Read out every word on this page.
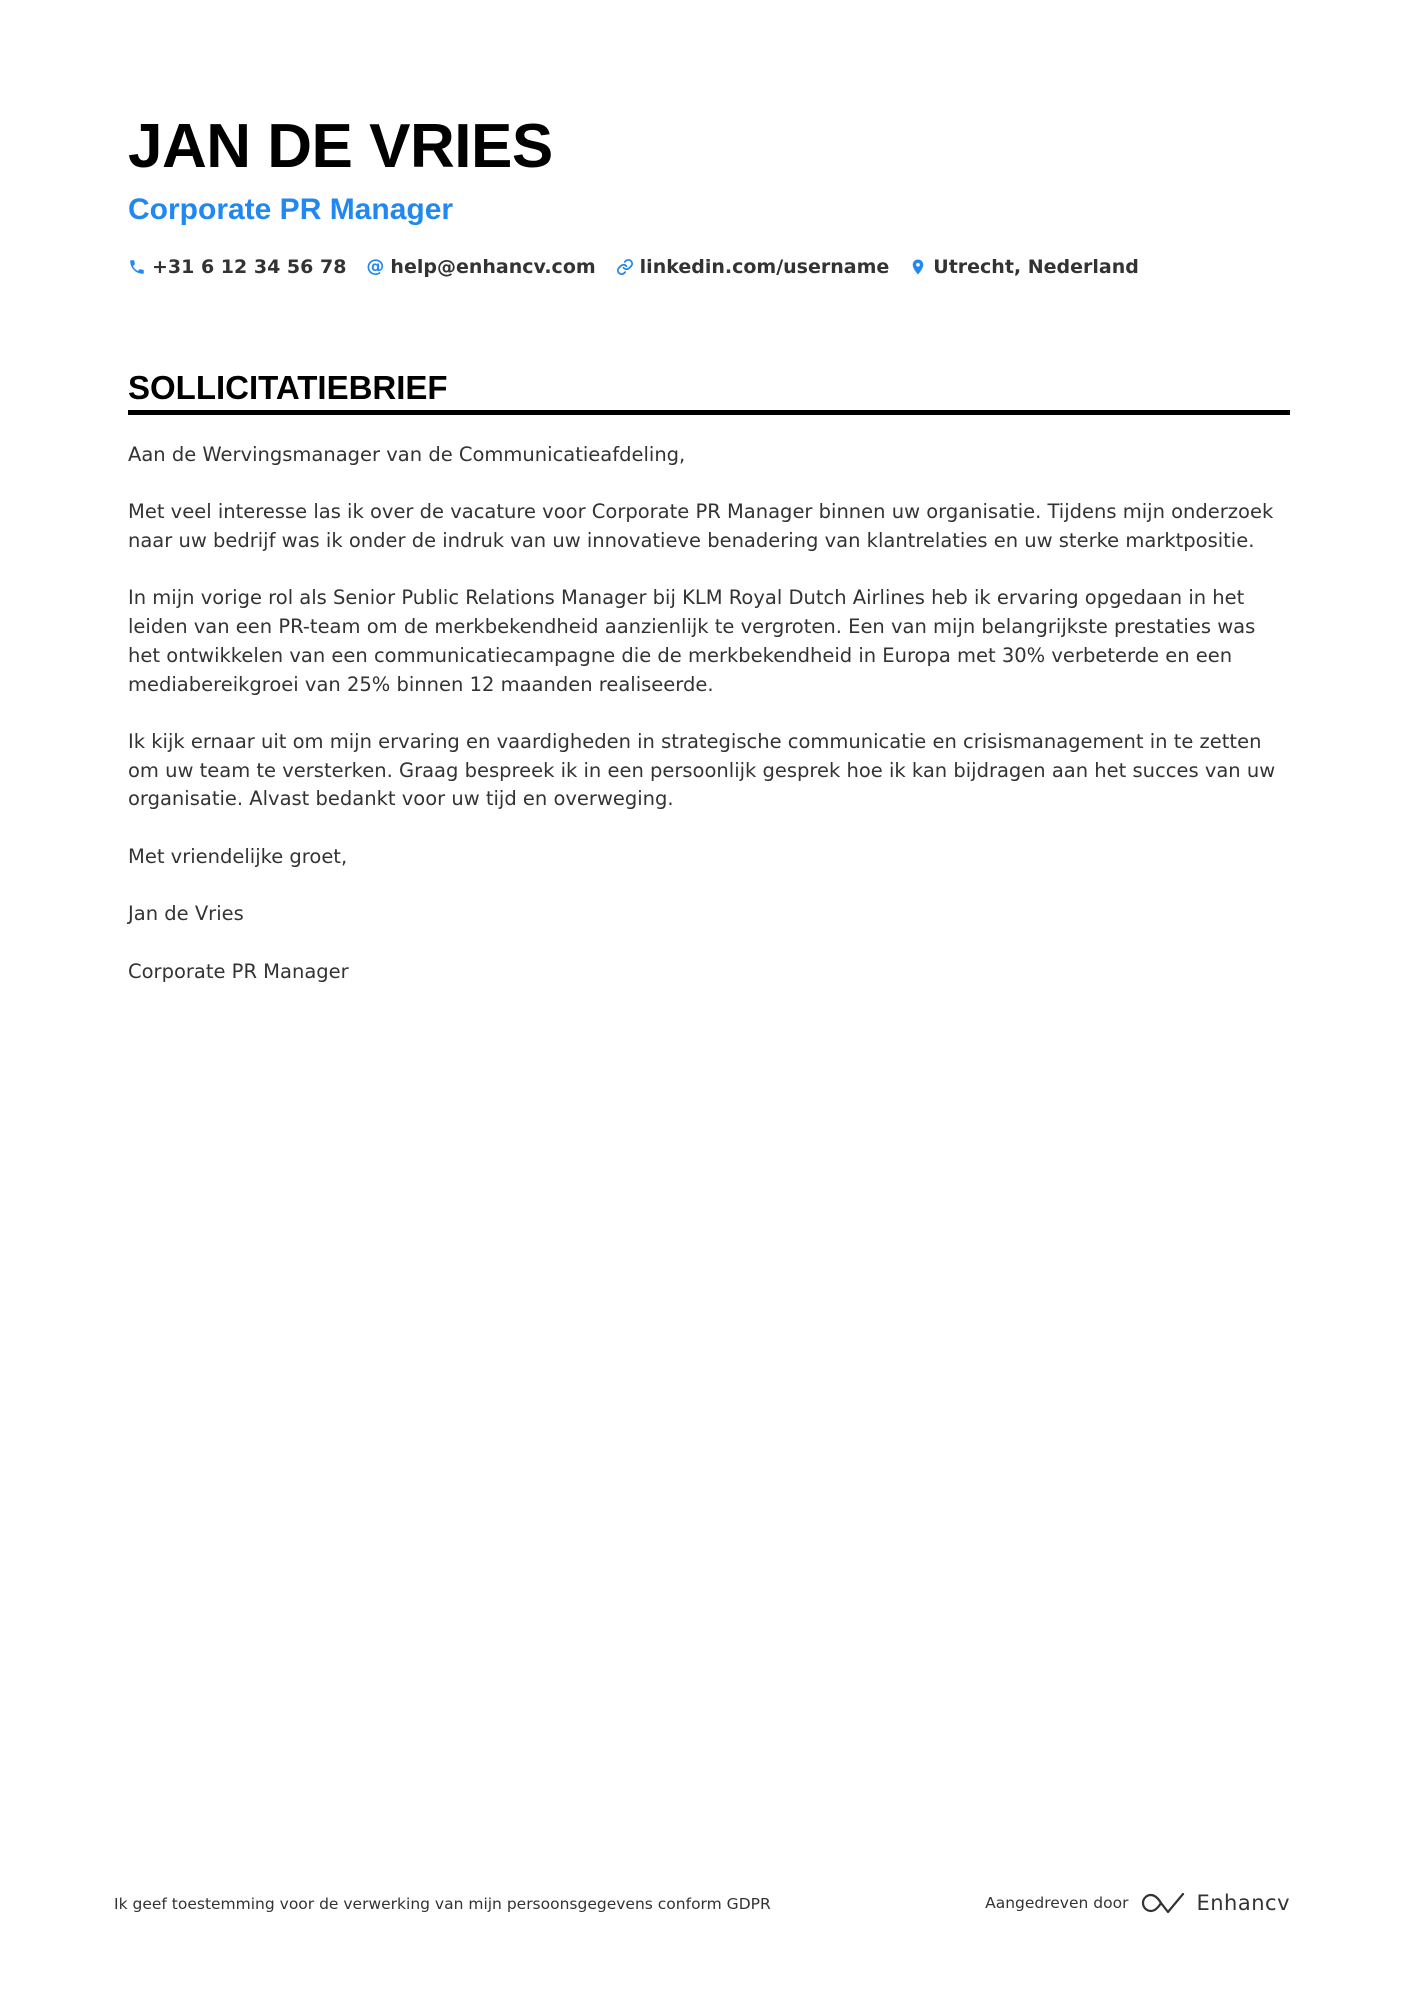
JAN DE VRIES
Corporate PR Manager
+31 6 12 34 56 78 @ help@enhancv.com linkedin.com/username Utrecht, Nederland
SOLLICITATIEBRIEF

Aan de Wervingsmanager van de Communicatieafdeling,

Met veel interesse las ik over de vacature voor Corporate PR Manager binnen uw organisatie. Tijdens mijn onderzoek naar uw bedrijf was ik onder de indruk van uw innovatieve benadering van klantrelaties en uw sterke marktpositie.

In mijn vorige rol als Senior Public Relations Manager bij KLM Royal Dutch Airlines heb ik ervaring opgedaan in het leiden van een PR-team om de merkbekendheid aanzienlijk te vergroten. Een van mijn belangrijkste prestaties was het ontwikkelen van een communicatiecampagne die de merkbekendheid in Europa met 30% verbeterde en een mediabereikgroei van 25% binnen 12 maanden realiseerde.

Ik kijk ernaar uit om mijn ervaring en vaardigheden in strategische communicatie en crisismanagement in te zetten om uw team te versterken. Graag bespreek ik in een persoonlijk gesprek hoe ik kan bijdragen aan het succes van uw organisatie. Alvast bedankt voor uw tijd en overweging.

Met vriendelijke groet,

Jan de Vries

Corporate PR Manager

Ik geef toestemming voor de verwerking van mijn persoonsgegevens conform GDPR	Aangedreven door	Enhancv
